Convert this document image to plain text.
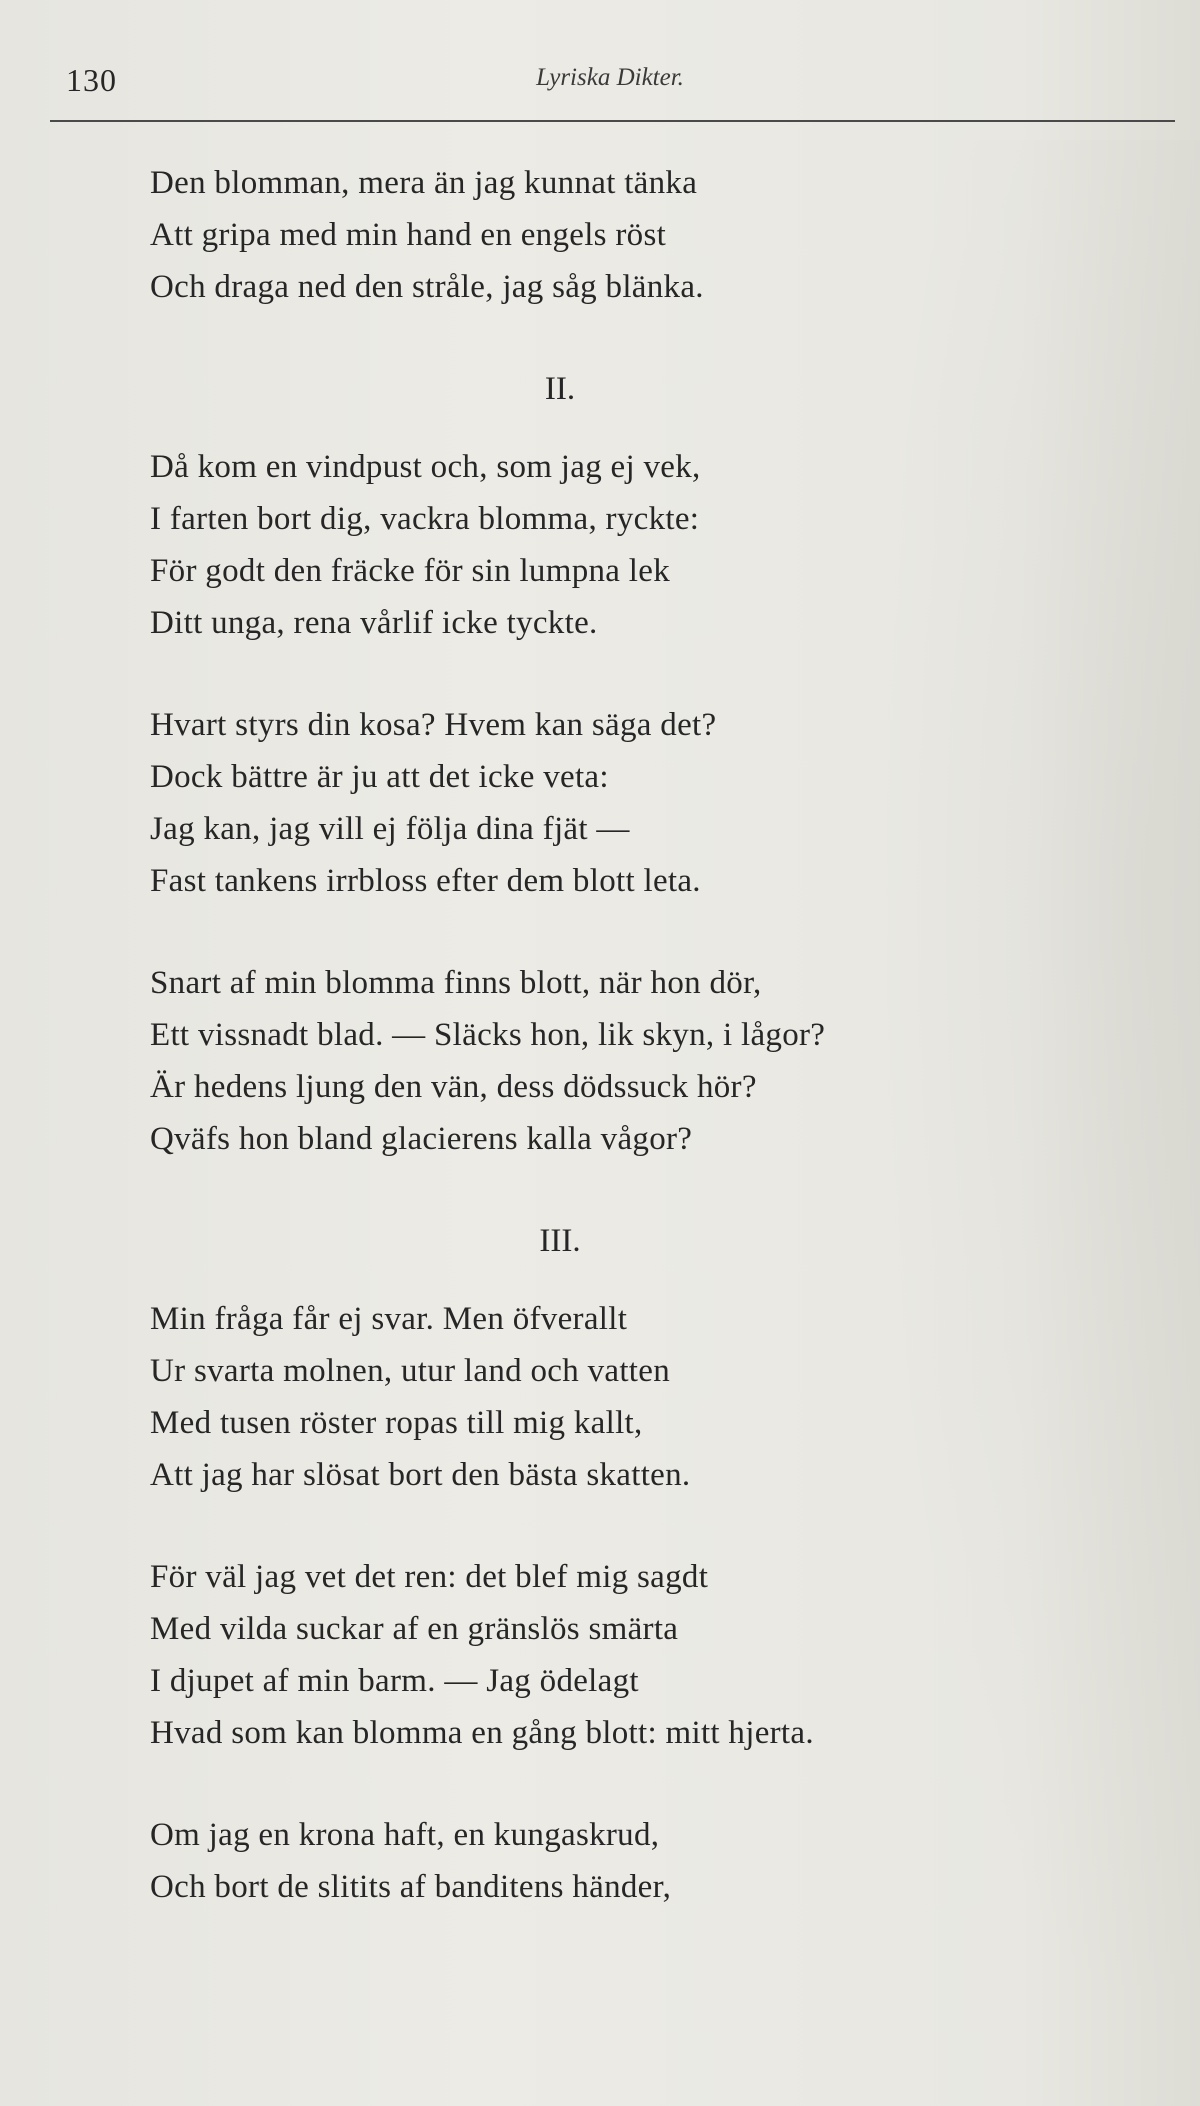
130	Lyriska Dikter.
Den blomman, mera än jag kunnat tänka
Att gripa med min hand en engels röst
Och draga ned den stråle, jag såg blänka.
II.
Då kom en vindpust och, som jag ej vek,
I farten bort dig, vackra blomma, ryckte:
För godt den fräcke för sin lumpna lek
Ditt unga, rena vårlif icke tyckte.
Hvart styrs din kosa? Hvem kan säga det?
Dock bättre är ju att det icke veta:
Jag kan, jag vill ej följa dina fjät —
Fast tankens irrbloss efter dem blott leta.
Snart af min blomma finns blott, när hon dör,
Ett vissnadt blad. — Släcks hon, lik skyn, i lågor?
Är hedens ljung den vän, dess dödssuck hör?
Qväfs hon bland glacierens kalla vågor?
III.
Min fråga får ej svar. Men öfverallt
Ur svarta molnen, utur land och vatten
Med tusen röster ropas till mig kallt,
Att jag har slösat bort den bästa skatten.
För väl jag vet det ren: det blef mig sagdt
Med vilda suckar af en gränslös smärta
I djupet af min barm. — Jag ödelagt
Hvad som kan blomma en gång blott: mitt hjerta.
Om jag en krona haft, en kungaskrud,
Och bort de slitits af banditens händer,
